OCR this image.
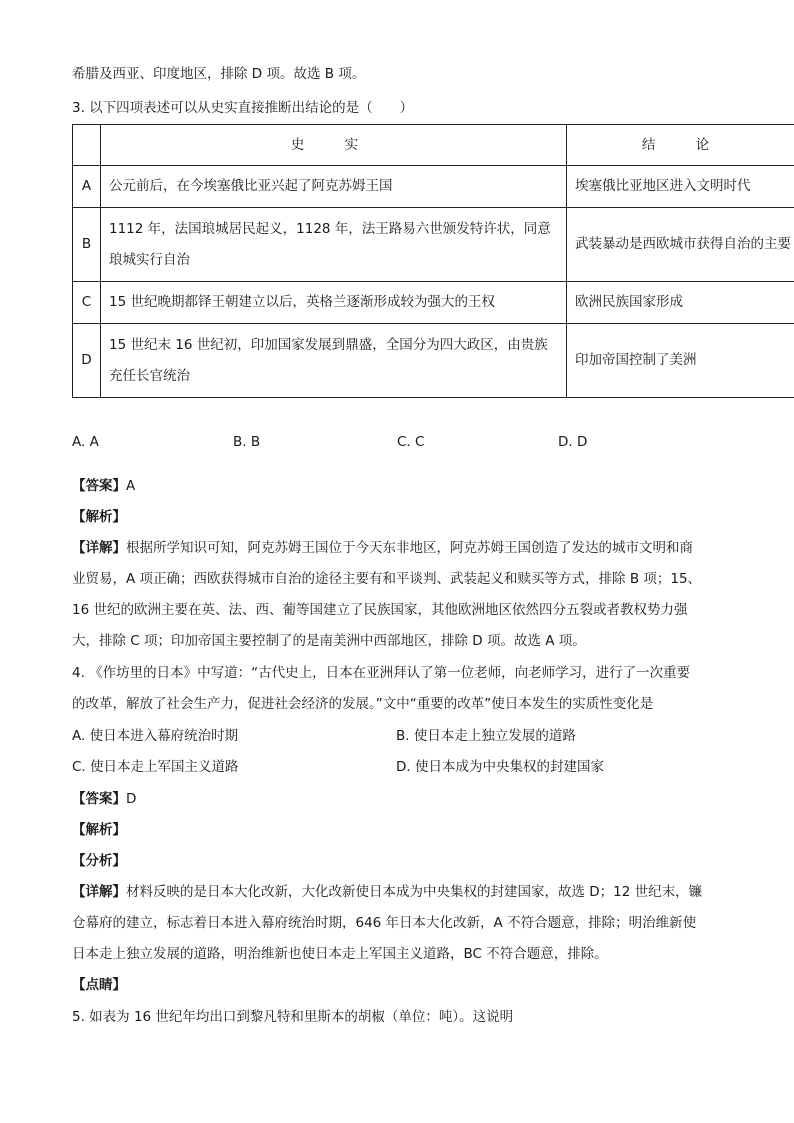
希腊及西亚、印度地区，排除 D 项。故选 B 项。
3. 以下四项表述可以从史实直接推断出结论的是（　　）
	史 实	结 论
A	公元前后，在今埃塞俄比亚兴起了阿克苏姆王国	埃塞俄比亚地区进入文明时代
B	1112 年，法国琅城居民起义，1128 年，法王路易六世颁发特许状，同意琅城实行自治	武装暴动是西欧城市获得自治的主要
C	15 世纪晚期都铎王朝建立以后，英格兰逐渐形成较为强大的王权	欧洲民族国家形成
D	15 世纪末 16 世纪初，印加国家发展到鼎盛，全国分为四大政区，由贵族充任长官统治	印加帝国控制了美洲
A. A	B. B	C. C	D. D
【答案】A
【解析】
【详解】根据所学知识可知，阿克苏姆王国位于今天东非地区，阿克苏姆王国创造了发达的城市文明和商
业贸易，A 项正确；西欧获得城市自治的途径主要有和平谈判、武装起义和赎买等方式，排除 B 项；15、
16 世纪的欧洲主要在英、法、西、葡等国建立了民族国家，其他欧洲地区依然四分五裂或者教权势力强
大，排除 C 项；印加帝国主要控制了的是南美洲中西部地区，排除 D 项。故选 A 项。
4. 《作坊里的日本》中写道：“古代史上，日本在亚洲拜认了第一位老师，向老师学习，进行了一次重要
的改革，解放了社会生产力，促进社会经济的发展。”文中“重要的改革”使日本发生的实质性变化是
A. 使日本进入幕府统治时期	B. 使日本走上独立发展的道路
C. 使日本走上军国主义道路	D. 使日本成为中央集权的封建国家
【答案】D
【解析】
【分析】
【详解】材料反映的是日本大化改新，大化改新使日本成为中央集权的封建国家，故选 D；12 世纪末，镰
仓幕府的建立，标志着日本进入幕府统治时期，646 年日本大化改新，A 不符合题意，排除；明治维新使
日本走上独立发展的道路，明治维新也使日本走上军国主义道路，BC 不符合题意，排除。
【点睛】
5. 如表为 16 世纪年均出口到黎凡特和里斯本的胡椒（单位：吨）。这说明
